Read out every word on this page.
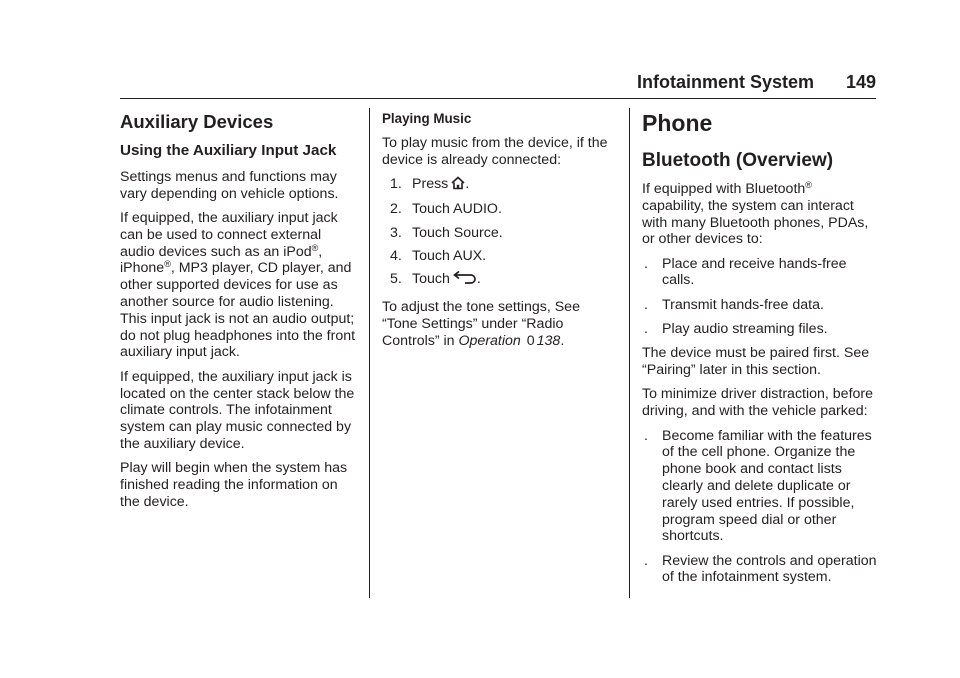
Infotainment System 149
Auxiliary Devices
Using the Auxiliary Input Jack

Settings menus and functions may vary depending on vehicle options.

If equipped, the auxiliary input jack can be used to connect external audio devices such as an iPod®,
iPhone®, MP3 player, CD player, and other supported devices for use as another source for audio listening. This input jack is not an audio output; do not plug headphones into the front auxiliary input jack.

If equipped, the auxiliary input jack is located on the center stack below the climate controls. The infotainment system can play music connected by the auxiliary device.

Play will begin when the system has finished reading the information on the device.

Playing Music

To play music from the device, if the device is already connected:

1. Press .
2. Touch AUDIO.
3. Touch Source.
4. Touch AUX.
5. Touch .

To adjust the tone settings, See “Tone Settings” under “Radio Controls” in Operation 0 138.

Phone
Bluetooth (Overview)

If equipped with Bluetooth®
capability, the system can interact with many Bluetooth phones, PDAs, or other devices to:

. Place and receive hands-free calls.
. Transmit hands-free data.
. Play audio streaming files.

The device must be paired first. See “Pairing” later in this section.

To minimize driver distraction, before driving, and with the vehicle parked:

. Become familiar with the features of the cell phone. Organize the phone book and contact lists clearly and delete duplicate or rarely used entries. If possible, program speed dial or other shortcuts.
. Review the controls and operation of the infotainment system.
